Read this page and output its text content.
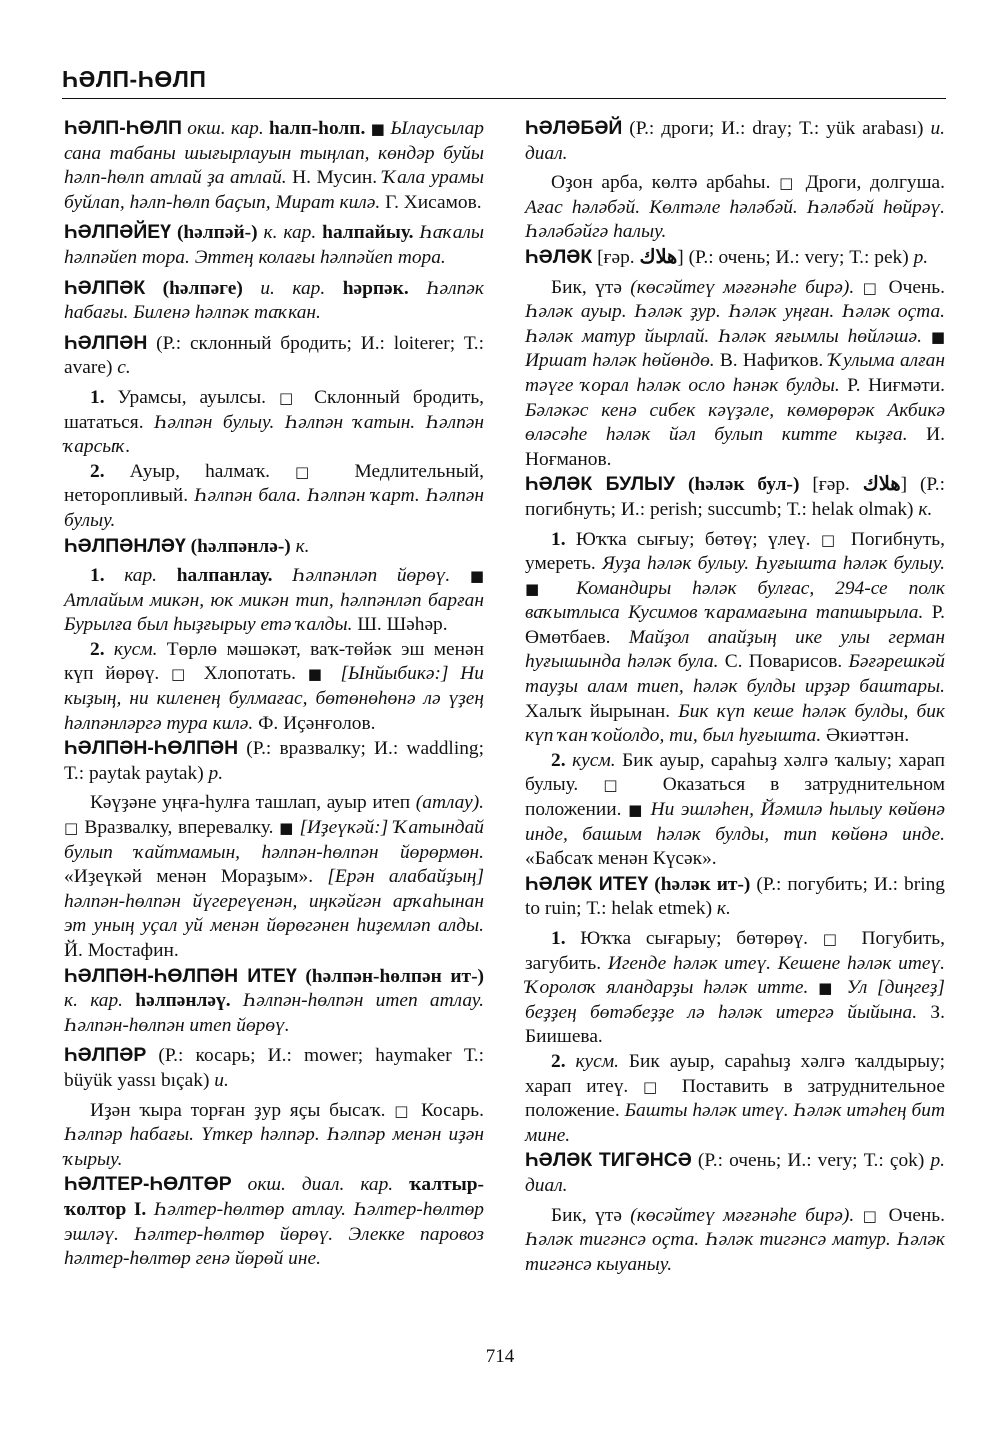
ҺӘЛП-ҺӨЛП
ҺӘЛП-ҺӨЛП окш. кар. һалп-һолп. ■ Ылаусылар сана табаны шығырлауын тыңлап, көндәр буйы һәлп-һөлп атлай ҙа атлай. Н. Мусин. Ҡала урамы буйлап, һәлп-һөлп баҫып, Мират килә. Г. Хисамов.
ҺӘЛПӘЙЕҮ (һәлпәй-) к. кар. һалпайыу. Һаҡалы һәлпәйеп тора. Эттең колағы һәлпәйеп тора.
ҺӘЛПӘК (һәлпәге) и. кар. һәрпәк. Һәлпәк һабағы. Биленә һәлпәк таҡкан.
ҺӘЛПӘН (Р.: склонный бродить; И.: loiterer; Т.: avare) с.
1. Урамсы, ауылсы. □ Склонный бродить, шататься. Һәлпән булыу. Һәлпән ҡатын. Һәлпән ҡарсыҡ.
2. Ауыр, һалмаҡ. □ Медлительный, неторопливый. Һәлпән бала. Һәлпән ҡарт. Һәлпән булыу.
ҺӘЛПӘНЛӘҮ (һәлпәнлә-) к.
1. кар. һалпанлау. Һәлпәнләп йөрөү. ■ Атлайым микән, юк микән тип, һәлпәнләп барған Бурылға был һыҙғырыу етә ҡалды. Ш. Шәһәр.
2. кусм. Төрлө мәшәкәт, ваҡ-төйәк эш менән күп йөрөү. □ Хлопотать. ■ [Ынйыбикә:] Ни кыҙың, ни киленең булмағас, бөтөнөһөнә лә үҙең һәлпәнләргә тура килә. Ф. Иҫәнғолов.
ҺӘЛПӘН-ҺӨЛПӘН (Р.: вразвалку; И.: waddling; Т.: paytak paytak) р.
Кәүҙәне уңға-һулға ташлап, ауыр итеп (атлау). □ Вразвалку, вперевалку. ■ [Иҙеүкәй:] Ҡатындай булып ҡайтмамын, һәлпән-һөлпән йөрөрмөн. «Иҙеүкәй менән Мораҙым». [Ерән алабайҙың] һәлпән-һөлпән йүгереүенән, иңкәйгән арҡаһынан эт уның уҫал уй менән йөрөгәнен һиҙемләп алды. Й. Мостафин.
ҺӘЛПӘН-ҺӨЛПӘН ИТЕҮ (һәлпән-һөлпән ит-) к. кар. һәлпәнләү. Һәлпән-һөлпән итеп атлау. Һәлпән-һөлпән итеп йөрөү.
ҺӘЛПӘР (Р.: косарь; И.: mower; haymaker Т.: büyük yassı bıçak) и.
Иҙән ҡыра торған ҙур яҫы бысаҡ. □ Косарь. Һәлпәр һабағы. Үткер һәлпәр. Һәлпәр менән иҙән ҡырыу.
ҺӘЛТЕР-ҺӨЛТӨР окш. диал. кар. ҡалтыр-ҡолтор I. Һәлтер-һөлтөр атлау. Һәлтер-һөлтөр эшләү. Һәлтер-һөлтөр йөрөү. Элекке паровоз һәлтер-һөлтөр генә йөрөй ине.
ҺӘЛӘБӘЙ (Р.: дроги; И.: dray; Т.: yük arabası) и. диал.
Оҙон арба, көлтә арбаһы. □ Дроги, долгуша. Ағас һәләбәй. Көлтәле һәләбәй. Һәләбәй һөйрәү. Һәләбәйгә һалыу.
ҺӘЛӘК [ғәр. هلاك] (Р.: очень; И.: very; Т.: pek) р.
Бик, үтә (көсәйтеү мәғәнәһе бирә). □ Очень. Һәләк ауыр. Һәләк ҙур. Һәләк уңған. Һәләк оҫта. Һәләк матур йырлай. Һәләк яғымлы һөйләшә. ■ Иршат һәләк һөйөндө. В. Нафиҡов. Ҡулыма алған тәүге ҡорал һәләк осло һәнәк булды. Р. Ниғмәти. Бәләкәс кенә сибек кәүҙәле, көмөрөрәк Акбикә өләсәһе һәләк йәл булып китте кыҙға. И. Ноғманов.
ҺӘЛӘК БУЛЫУ (һәләк бул-) [ғәр. هلاك] (Р.: погибнуть; И.: perish; succumb; Т.: helak olmak) к.
1. Юҡҡа сығыу; бөтөү; үлеү. □ Погибнуть, умереть. Яуҙа һәләк булыу. Һуғышта һәләк булыу. ■ Командиры һәләк булғас, 294-се полк ваҡытлыса Кусимов ҡарамағына тапшырыла. Р. Өмөтбаев. Майҙол апайҙың ике улы герман һуғышында һәләк була. С. Поварисов. Бәғәрешкәй тауҙы алам тиеп, һәләк булды ирҙәр баштары. Халыҡ йырынан. Бик күп кеше һәләк булды, бик күп ҡан ҡойолдо, ти, был һуғышта. Әкиәттән.
2. кусм. Бик ауыр, сараһыҙ хәлгә ҡалыу; харап булыу. □ Оказаться в затруднительном положении. ■ Ни эшләһен, Йәмилә һылыу көйөнә инде, башым һәләк булды, тип көйөнә инде. «Бабсаҡ менән Күсәк».
ҺӘЛӘК ИТЕҮ (һәләк ит-) (Р.: погубить; И.: bring to ruin; Т.: helak etmek) к.
1. Юҡҡа сығарыу; бөтөрөү. □ Погубить, загубить. Игенде һәләк итеү. Кешене һәләк итеү. Ҡоролоҡ яландарҙы һәләк итте. ■ Ул [диңгеҙ] беҙҙең бөтәбеҙҙе лә һәләк итергә йыйына. З. Биишева.
2. кусм. Бик ауыр, сараһыҙ хәлгә ҡалдырыу; харап итеү. □ Поставить в затруднительное положение. Башты һәләк итеү. Һәләк итәһең бит мине.
ҺӘЛӘК ТИГӘНСӘ (Р.: очень; И.: very; Т.: çok) р. диал.
Бик, үтә (көсәйтеү мәғәнәһе бирә). □ Очень. Һәләк тигәнсә оҫта. Һәләк тигәнсә матур. Һәләк тигәнсә кыуаныу.
714
